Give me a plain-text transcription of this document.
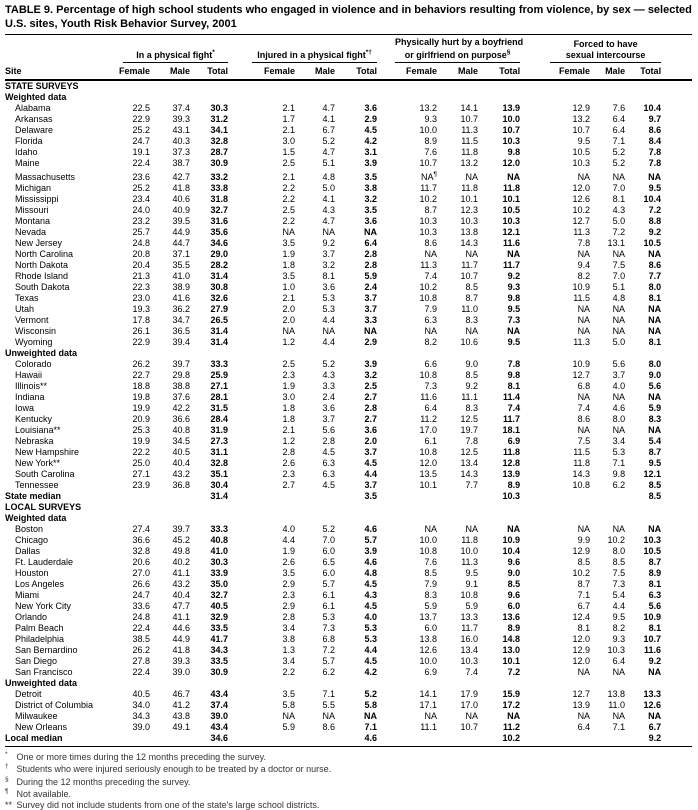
TABLE 9. Percentage of high school students who engaged in violence and in behaviors resulting from violence, by sex — selected U.S. sites, Youth Risk Behavior Survey, 2001

	In a physical fight*			Injured in a physical fight*†			Physically hurt by a boyfriend
or girlfriend on purpose§			Forced to have
sexual intercourse			

Site	Female	Male	Total	Female	Male	Total	Female	Male	Total	Female	Male	Total	
STATE SURVEYS													
Weighted data													
Alabama	22.5	37.4	30.3	2.1	4.7	3.6	13.2	14.1	13.9	12.9	7.6	10.4	
Arkansas	22.9	39.3	31.2	1.7	4.1	2.9	9.3	10.7	10.0	13.2	6.4	9.7	
Delaware	25.2	43.1	34.1	2.1	6.7	4.5	10.0	11.3	10.7	10.7	6.4	8.6	
Florida	24.7	40.3	32.8	3.0	5.2	4.2	8.9	11.5	10.3	9.5	7.1	8.4	
Idaho	19.1	37.3	28.7	1.5	4.7	3.1	7.6	11.8	9.8	10.5	5.2	7.8	
Maine	22.4	38.7	30.9	2.5	5.1	3.9	10.7	13.2	12.0	10.3	5.2	7.8	
Massachusetts	23.6	42.7	33.2	2.1	4.8	3.5	NA¶	NA	NA	NA	NA	NA	
Michigan	25.2	41.8	33.8	2.2	5.0	3.8	11.7	11.8	11.8	12.0	7.0	9.5	
Mississippi	23.4	40.6	31.8	2.2	4.1	3.2	10.2	10.1	10.1	12.6	8.1	10.4	
Missouri	24.0	40.9	32.7	2.5	4.3	3.5	8.7	12.3	10.5	10.2	4.3	7.2	
Montana	23.2	39.5	31.6	2.2	4.7	3.6	10.3	10.3	10.3	12.7	5.0	8.8	
Nevada	25.7	44.9	35.6	NA	NA	NA	10.3	13.8	12.1	11.3	7.2	9.2	
New Jersey	24.8	44.7	34.6	3.5	9.2	6.4	8.6	14.3	11.6	7.8	13.1	10.5	
North Carolina	20.8	37.1	29.0	1.9	3.7	2.8	NA	NA	NA	NA	NA	NA	
North Dakota	20.4	35.5	28.2	1.8	3.2	2.8	11.3	11.7	11.7	9.4	7.5	8.6	
Rhode Island	21.3	41.0	31.4	3.5	8.1	5.9	7.4	10.7	9.2	8.2	7.0	7.7	
South Dakota	22.3	38.9	30.8	1.0	3.6	2.4	10.2	8.5	9.3	10.9	5.1	8.0	
Texas	23.0	41.6	32.6	2.1	5.3	3.7	10.8	8.7	9.8	11.5	4.8	8.1	
Utah	19.3	36.2	27.9	2.0	5.3	3.7	7.9	11.0	9.5	NA	NA	NA	
Vermont	17.8	34.7	26.5	2.0	4.4	3.3	6.3	8.3	7.3	NA	NA	NA	
Wisconsin	26.1	36.5	31.4	NA	NA	NA	NA	NA	NA	NA	NA	NA	
Wyoming	22.9	39.4	31.4	1.2	4.4	2.9	8.2	10.6	9.5	11.3	5.0	8.1	
Unweighted data													
Colorado	26.2	39.7	33.3	2.5	5.2	3.9	6.6	9.0	7.8	10.9	5.6	8.0	
Hawaii	22.7	29.8	25.9	2.3	4.3	3.2	10.8	8.5	9.8	12.7	3.7	9.0	
Illinois**	18.8	38.8	27.1	1.9	3.3	2.5	7.3	9.2	8.1	6.8	4.0	5.6	
Indiana	19.8	37.6	28.1	3.0	2.4	2.7	11.6	11.1	11.4	NA	NA	NA	
Iowa	19.9	42.2	31.5	1.8	3.6	2.8	6.4	8.3	7.4	7.4	4.6	5.9	
Kentucky	20.9	36.6	28.4	1.8	3.7	2.7	11.2	12.5	11.7	8.6	8.0	8.3	
Louisiana**	25.3	40.8	31.9	2.1	5.6	3.6	17.0	19.7	18.1	NA	NA	NA	
Nebraska	19.9	34.5	27.3	1.2	2.8	2.0	6.1	7.8	6.9	7.5	3.4	5.4	
New Hampshire	22.2	40.5	31.1	2.8	4.5	3.7	10.8	12.5	11.8	11.5	5.3	8.7	
New York**	25.0	40.4	32.8	2.6	6.3	4.5	12.0	13.4	12.8	11.8	7.1	9.5	
South Carolina	27.1	43.2	35.1	2.3	6.3	4.4	13.5	14.3	13.9	14.3	9.8	12.1	
Tennessee	23.9	36.8	30.4	2.7	4.5	3.7	10.1	7.7	8.9	10.8	6.2	8.5	
State median			31.4			3.5			10.3			8.5	
LOCAL SURVEYS													
Weighted data													
Boston	27.4	39.7	33.3	4.0	5.2	4.6	NA	NA	NA	NA	NA	NA	
Chicago	36.6	45.2	40.8	4.4	7.0	5.7	10.0	11.8	10.9	9.9	10.2	10.3	
Dallas	32.8	49.8	41.0	1.9	6.0	3.9	10.8	10.0	10.4	12.9	8.0	10.5	
Ft. Lauderdale	20.6	40.2	30.3	2.6	6.5	4.6	7.6	11.3	9.6	8.5	8.5	8.7	
Houston	27.0	41.1	33.9	3.5	6.0	4.8	8.5	9.5	9.0	10.2	7.5	8.9	
Los Angeles	26.6	43.2	35.0	2.9	5.7	4.5	7.9	9.1	8.5	8.7	7.3	8.1	
Miami	24.7	40.4	32.7	2.3	6.1	4.3	8.3	10.8	9.6	7.1	5.4	6.3	
New York City	33.6	47.7	40.5	2.9	6.1	4.5	5.9	5.9	6.0	6.7	4.4	5.6	
Orlando	24.8	41.1	32.9	2.8	5.3	4.0	13.7	13.3	13.6	12.4	9.5	10.9	
Palm Beach	22.4	44.6	33.5	3.4	7.3	5.3	6.0	11.7	8.9	8.1	8.2	8.1	
Philadelphia	38.5	44.9	41.7	3.8	6.8	5.3	13.8	16.0	14.8	12.0	9.3	10.7	
San Bernardino	26.2	41.8	34.3	1.3	7.2	4.4	12.6	13.4	13.0	12.9	10.3	11.6	
San Diego	27.8	39.3	33.5	3.4	5.7	4.5	10.0	10.3	10.1	12.0	6.4	9.2	
San Francisco	22.4	39.0	30.9	2.2	6.2	4.2	6.9	7.4	7.2	NA	NA	NA	
Unweighted data													
Detroit	40.5	46.7	43.4	3.5	7.1	5.2	14.1	17.9	15.9	12.7	13.8	13.3	
District of Columbia	34.0	41.2	37.4	5.8	5.5	5.8	17.1	17.0	17.2	13.9	11.0	12.6	
Milwaukee	34.3	43.8	39.0	NA	NA	NA	NA	NA	NA	NA	NA	NA	
New Orleans	39.0	49.1	43.4	5.9	8.6	7.1	11.1	10.7	11.2	6.4	7.1	6.7	
Local median			34.6			4.6			10.2			9.2	
* One or more times during the 12 months preceding the survey.
† Students who were injured seriously enough to be treated by a doctor or nurse.
§ During the 12 months preceding the survey.
¶ Not available.
** Survey did not include students from one of the state's large school districts.
